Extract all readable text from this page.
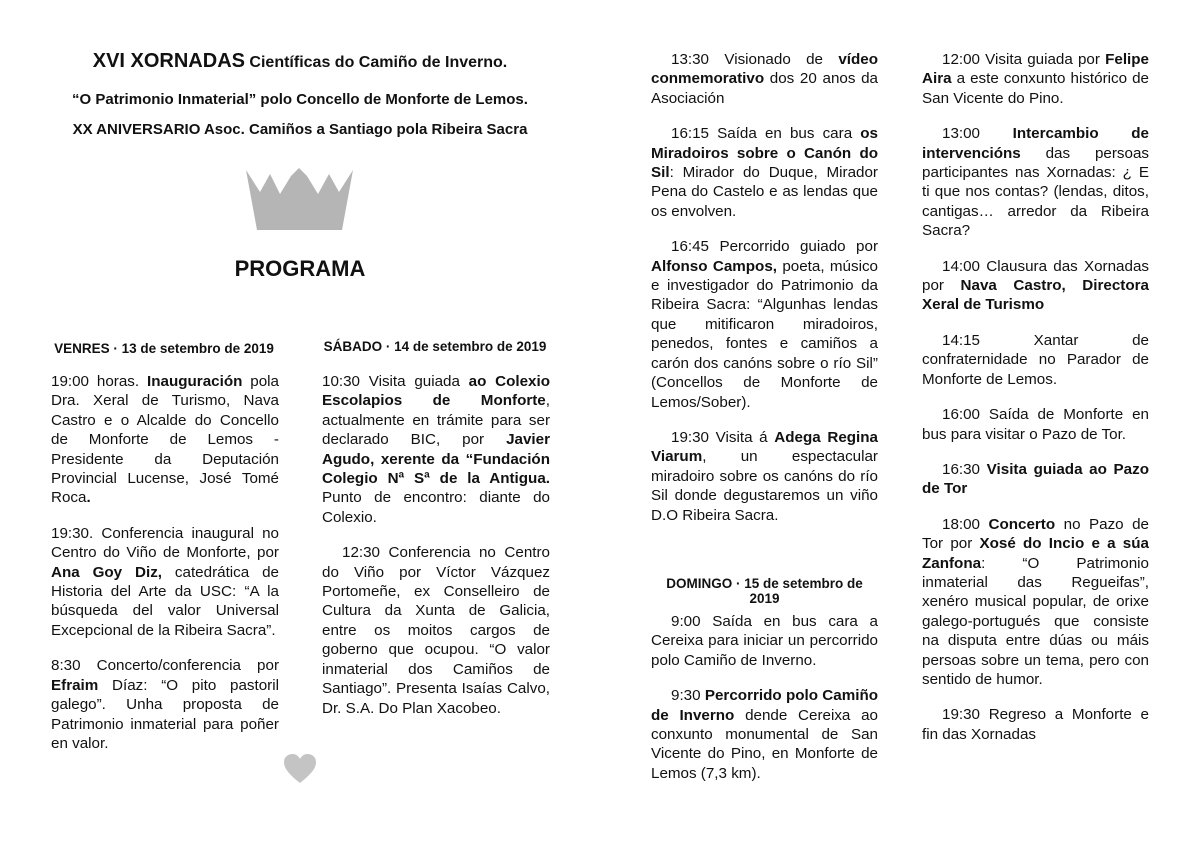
XVI XORNADAS Científicas do Camiño de Inverno.
“O Patrimonio Inmaterial” polo Concello de Monforte de Lemos.
XX ANIVERSARIO Asoc. Camiños a Santiago pola Ribeira Sacra
PROGRAMA
VENRES · 13 de setembro de 2019

19:00 horas. Inauguración pola Dra. Xeral de Turismo, Nava Castro e o Alcalde do Concello de Monforte de Lemos - Presidente da Deputación Provincial Lucense, José Tomé Roca.

19:30. Conferencia inaugural no Centro do Viño de Monforte, por Ana Goy Diz, catedrática de Historia del Arte da USC: “A la búsqueda del valor Universal Excepcional de la Ribeira Sacra”.

8:30 Concerto/conferencia por Efraim Díaz: “O pito pastoril galego”. Unha proposta de Patrimonio inmaterial para poñer en valor.

SÁBADO · 14 de setembro de 2019

10:30 Visita guiada ao Colexio Escolapios de Monforte, actualmente en trámite para ser declarado BIC, por Javier Agudo, xerente da “Fundación Colegio Nª Sª de la Antigua. Punto de encontro: diante do Colexio.

12:30 Conferencia no Centro do Viño por Víctor Vázquez Portomeñe, ex Conselleiro de Cultura da Xunta de Galicia, entre os moitos cargos de goberno que ocupou. “O valor inmaterial dos Camiños de Santiago”. Presenta Isaías Calvo, Dr. S.A. Do Plan Xacobeo.

13:30 Visionado de vídeo conmemorativo dos 20 anos da Asociación

16:15 Saída en bus cara os Miradoiros sobre o Canón do Sil: Mirador do Duque, Mirador Pena do Castelo e as lendas que os envolven.

16:45 Percorrido guiado por Alfonso Campos, poeta, músico e investigador do Patrimonio da Ribeira Sacra: “Algunhas lendas que mitificaron miradoiros, penedos, fontes e camiños a carón dos canóns sobre o río Sil” (Concellos de Monforte de Lemos/Sober).

19:30 Visita á Adega Regina Viarum, un espectacular miradoiro sobre os canóns do río Sil donde degustaremos un viño D.O Ribeira Sacra.

DOMINGO · 15 de setembro de 2019

9:00 Saída en bus cara a Cereixa para iniciar un percorrido polo Camiño de Inverno.

9:30 Percorrido polo Camiño de Inverno dende Cereixa ao conxunto monumental de San Vicente do Pino, en Monforte de Lemos (7,3 km).

12:00 Visita guiada por Felipe Aira a este conxunto histórico de San Vicente do Pino.

13:00 Intercambio de intervencións das persoas participantes nas Xornadas: ¿ E ti que nos contas? (lendas, ditos, cantigas… arredor da Ribeira Sacra?

14:00 Clausura das Xornadas por Nava Castro, Directora Xeral de Turismo

14:15 Xantar de confraternidade no Parador de Monforte de Lemos.

16:00 Saída de Monforte en bus para visitar o Pazo de Tor.

16:30 Visita guiada ao Pazo de Tor

18:00 Concerto no Pazo de Tor por Xosé do Incio e a súa Zanfona: “O Patrimonio inmaterial das Regueifas”, xenéro musical popular, de orixe galego-portugués que consiste na disputa entre dúas ou máis persoas sobre un tema, pero con sentido de humor.

19:30 Regreso a Monforte e fin das Xornadas
